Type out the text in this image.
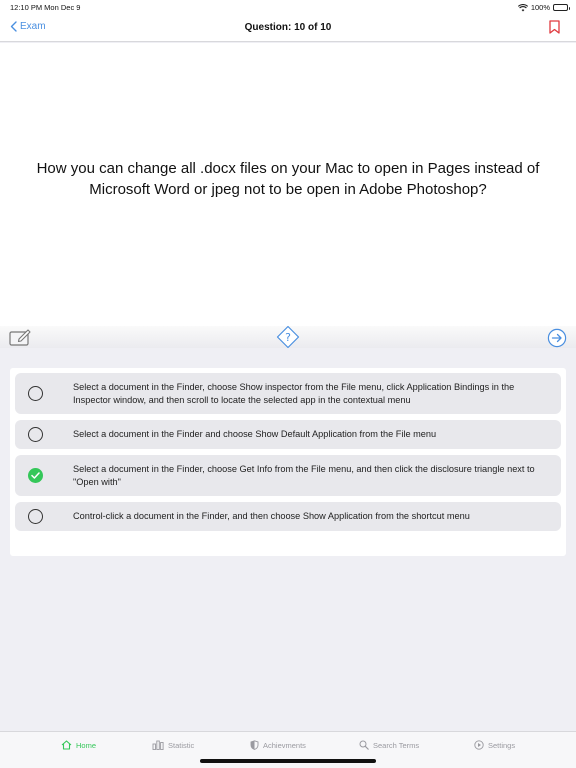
12:10 PM Mon Dec 9	100%
Exam	Question: 10 of 10
How you can change all .docx files on your Mac to open in Pages instead of Microsoft Word or jpeg not to be open in Adobe Photoshop?
?
Select a document in the Finder, choose Show inspector from the File menu, click Application Bindings in the Inspector window, and then scroll to locate the selected app in the contextual menu
Select a document in the Finder and choose Show Default Application from the File menu
Select a document in the Finder, choose Get Info from the File menu, and then click the disclosure triangle next to "Open with"
Control-click a document in the Finder, and then choose Show Application from the shortcut menu
Home	Statistic	Achievments	Search Terms	Settings
